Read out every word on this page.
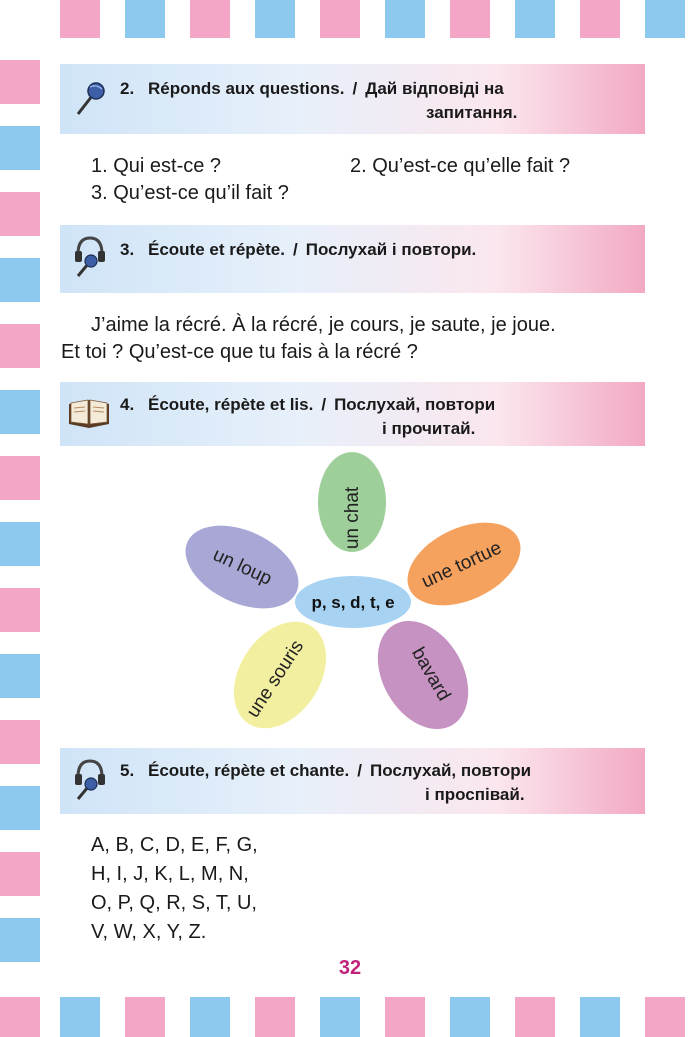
2. Réponds aux questions. / Дай відповіді на
запитання.
1. Qui est-ce ?	2. Qu’est-ce qu’elle fait ?
3. Qu’est-ce qu’il fait ?
3. Écoute et répète. / Послухай і повтори.
J’aime la récré. À la récré, je cours, je saute, je joue.
Et toi ? Qu’est-ce que tu fais à la récré ?
4. Écoute, répète et lis. / Послухай, повтори
і прочитай.
un chat
une tortue
bavard
une souris
un loup
p, s, d, t, e
5. Écoute, répète et chante. / Послухай, повтори
і проспівай.
A, B, C, D, E, F, G,
H, I, J, K, L, M, N,
O, P, Q, R, S, T, U,
V, W, X, Y, Z.
32
